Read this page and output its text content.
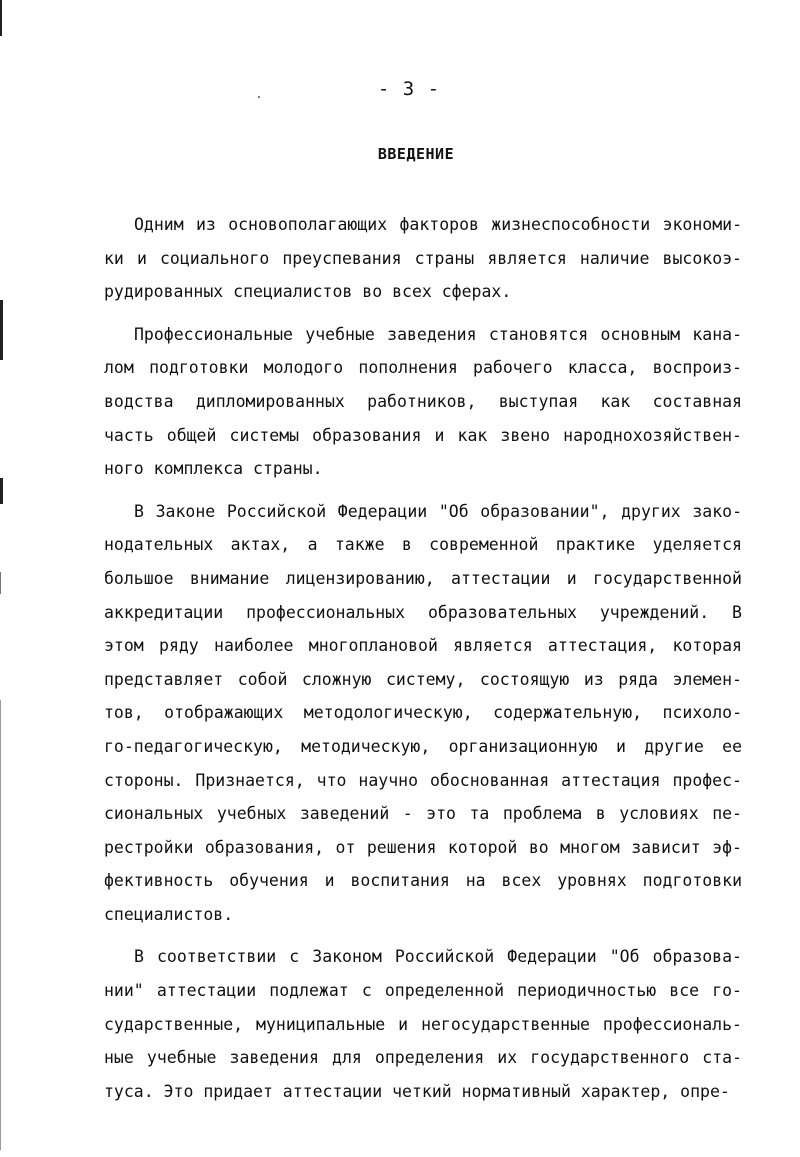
- 3 -

ВВЕДЕНИЕ
Одним из основополагающих факторов жизнеспособности экономи-
ки и социального преуспевания страны является наличие высокоэ-
рудированных специалистов во всех сферах.
Профессиональные учебные заведения становятся основным кана-
лом подготовки молодого пополнения рабочего класса, воспроиз-
водства дипломированных работников, выступая как составная
часть общей системы образования и как звено народнохозяйствен-
ного комплекса страны.
В Законе Российской Федерации "Об образовании", других зако-
нодательных актах, а также в современной практике уделяется
большое внимание лицензированию, аттестации и государственной
аккредитации профессиональных образовательных учреждений. В
этом ряду наиболее многоплановой является аттестация, которая
представляет собой сложную систему, состоящую из ряда элемен-
тов, отображающих методологическую, содержательную, психоло-
го-педагогическую, методическую, организационную и другие ее
стороны. Признается, что научно обоснованная аттестация профес-
сиональных учебных заведений - это та проблема в условиях пе-
рестройки образования, от решения которой во многом зависит эф-
фективность обучения и воспитания на всех уровнях подготовки
специалистов.
В соответствии с Законом Российской Федерации "Об образова-
нии" аттестации подлежат с определенной периодичностью все го-
сударственные, муниципальные и негосударственные профессиональ-
ные учебные заведения для определения их государственного ста-
туса. Это придает аттестации четкий нормативный характер, опре-
